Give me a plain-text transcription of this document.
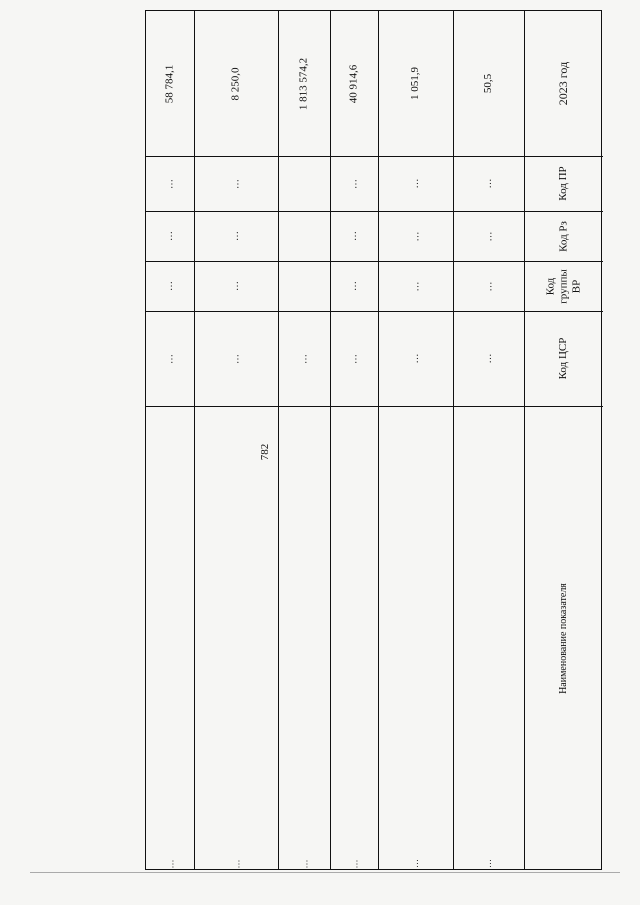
782
2023 год
Код ПР
Код Рз
Код группы ВР
Код ЦСР
Наименование показателя
58 784,1
…
…
…
…
…
8 250,0
…
…
…
…
…
1 813 574,2
…
…
40 914,6
…
…
…
…
…
1 051,9
…
…
…
…
…
50,5
…
…
…
…
…
